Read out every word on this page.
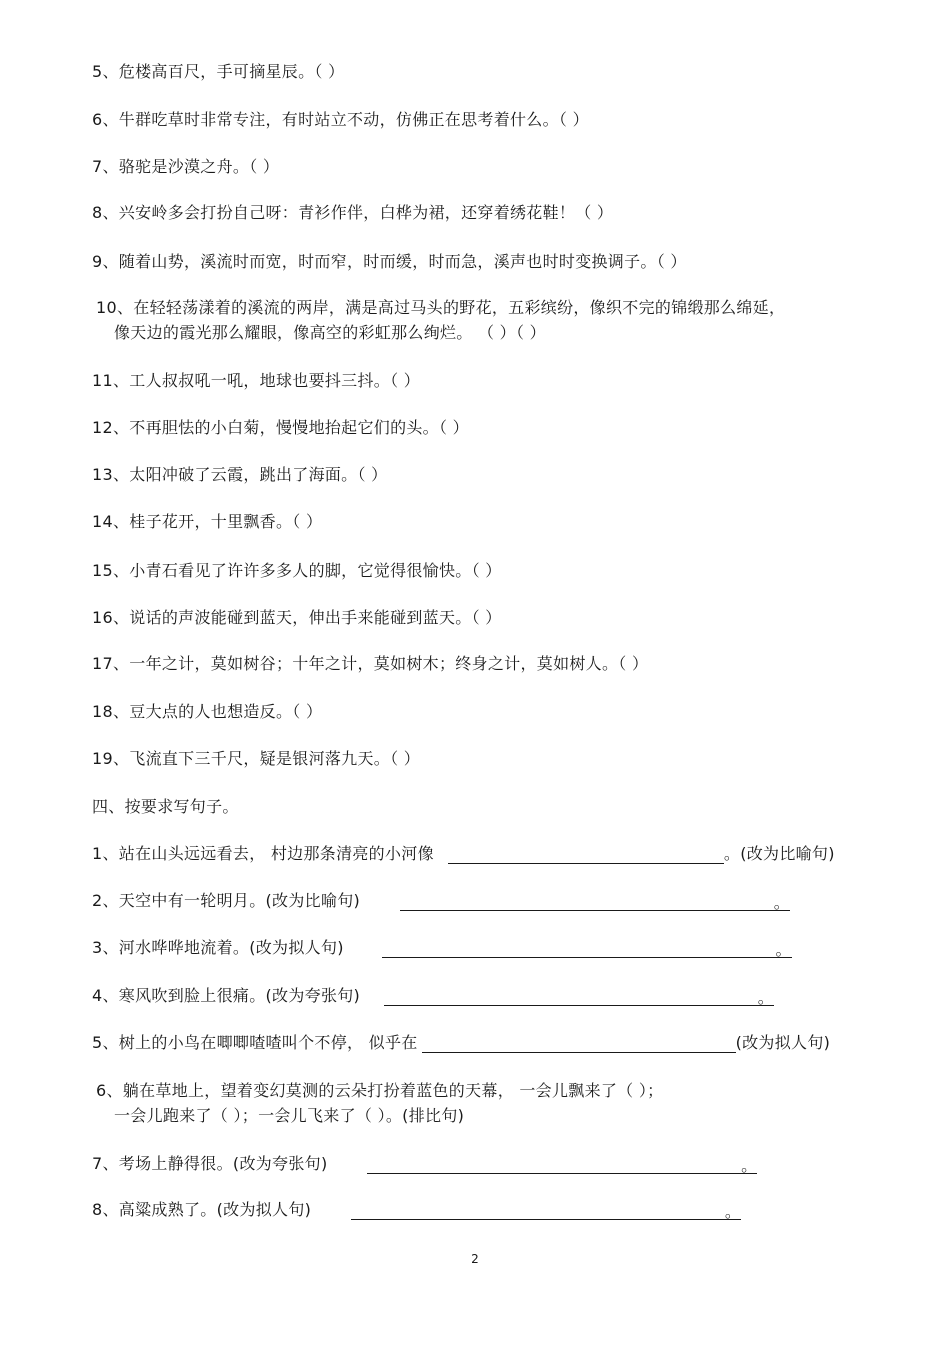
5、危楼高百尺，手可摘星辰。（ ）
6、牛群吃草时非常专注，有时站立不动，仿佛正在思考着什么。（ ）
7、骆驼是沙漠之舟。（ ）
8、兴安岭多会打扮自己呀：青衫作伴，白桦为裙，还穿着绣花鞋！（ ）
9、随着山势，溪流时而宽，时而窄，时而缓，时而急，溪声也时时变换调子。（ ）
10、在轻轻荡漾着的溪流的两岸，满是高过马头的野花，五彩缤纷，像织不完的锦缎那么绵延，
像天边的霞光那么耀眼，像高空的彩虹那么绚烂。 （ ）（ ）
11、工人叔叔吼一吼，地球也要抖三抖。（ ）
12、不再胆怯的小白菊，慢慢地抬起它们的头。（ ）
13、太阳冲破了云霞，跳出了海面。（ ）
14、桂子花开，十里飘香。（ ）
15、小青石看见了许许多多人的脚，它觉得很愉快。（ ）
16、说话的声波能碰到蓝天，伸出手来能碰到蓝天。（ ）
17、一年之计，莫如树谷；十年之计，莫如树木；终身之计，莫如树人。（ ）
18、豆大点的人也想造反。（ ）
19、飞流直下三千尺，疑是银河落九天。（ ）
四、按要求写句子。
1、站在山头远远看去， 村边那条清亮的小河像	。(改为比喻句)
2、天空中有一轮明月。(改为比喻句)	。
3、河水哗哗地流着。(改为拟人句)	。
4、寒风吹到脸上很痛。(改为夸张句)	。
5、树上的小鸟在唧唧喳喳叫个不停， 似乎在	(改为拟人句)
6、躺在草地上，望着变幻莫测的云朵打扮着蓝色的天幕， 一会儿飘来了（ ）；
一会儿跑来了（ ）；一会儿飞来了（ ）。(排比句)
7、考场上静得很。(改为夸张句)	。
8、高粱成熟了。(改为拟人句)	。
2
